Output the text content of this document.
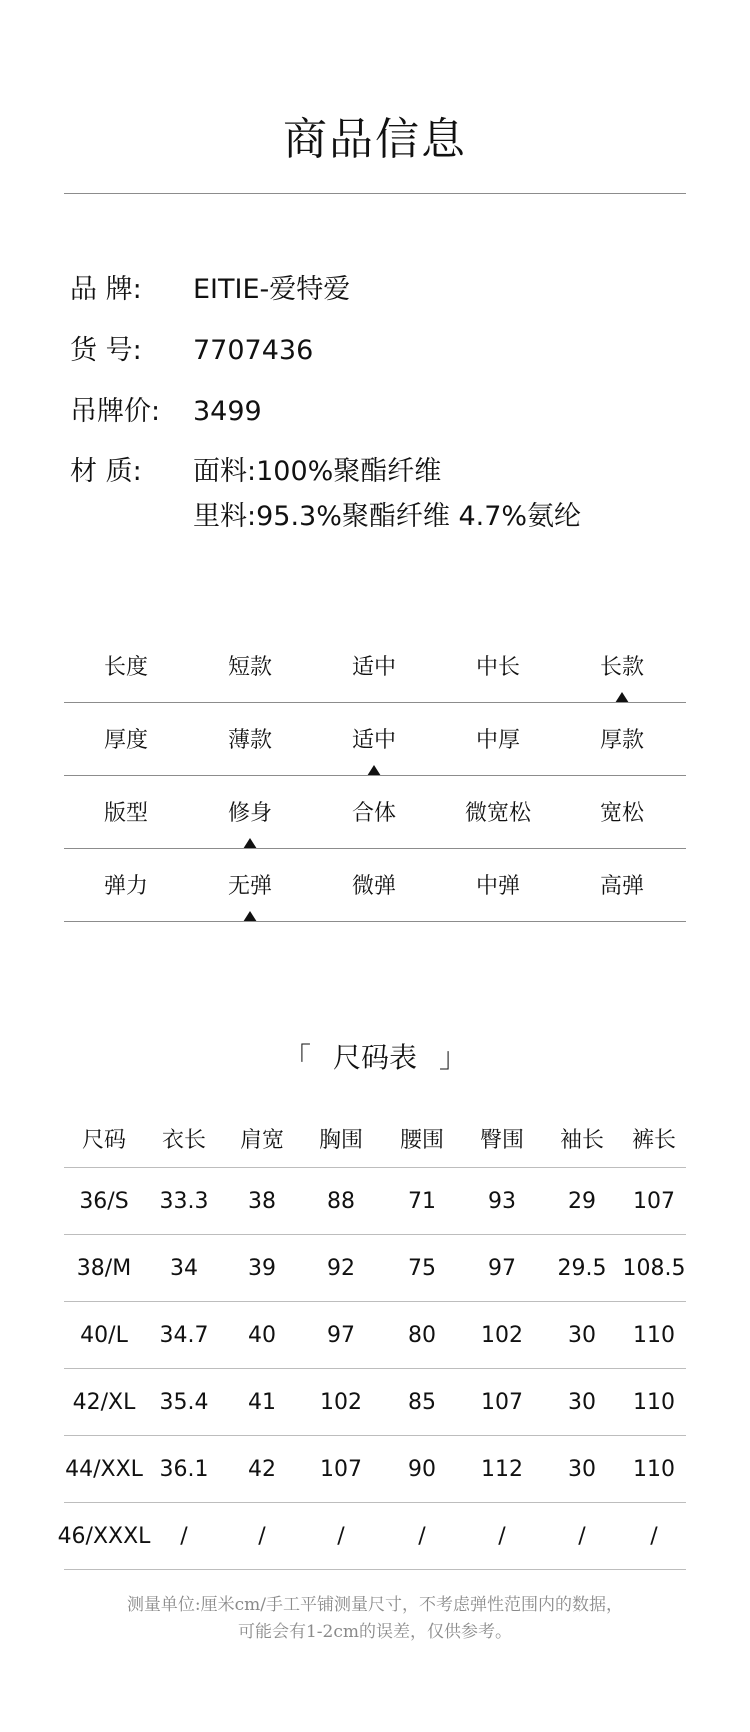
商品信息
品 牌: EITIE-爱特爱
货 号: 7707436
吊牌价: 3499
材 质: 面料:100%聚酯纤维
里料:95.3%聚酯纤维 4.7%氨纶
长度	短款	适中	中长	长款
厚度	薄款	适中	中厚	厚款
版型	修身	合体	微宽松	宽松
弹力	无弹	微弹	中弹	高弹
「 尺码表 」
尺码	衣长	肩宽	胸围	腰围	臀围	袖长	裤长
36/S	33.3	38	88	71	93	29	107
38/M	34	39	92	75	97	29.5 108.5
40/L	34.7	40	97	80	102	30	110
42/XL	35.4	41	102	85	107	30	110
44/XXL 36.1	42	107	90	112	30	110
46/XXXL	/	/	/	/	/	/	/
测量单位:厘米cm/手工平铺测量尺寸，不考虑弹性范围内的数据，
可能会有1-2cm的误差，仅供参考。
